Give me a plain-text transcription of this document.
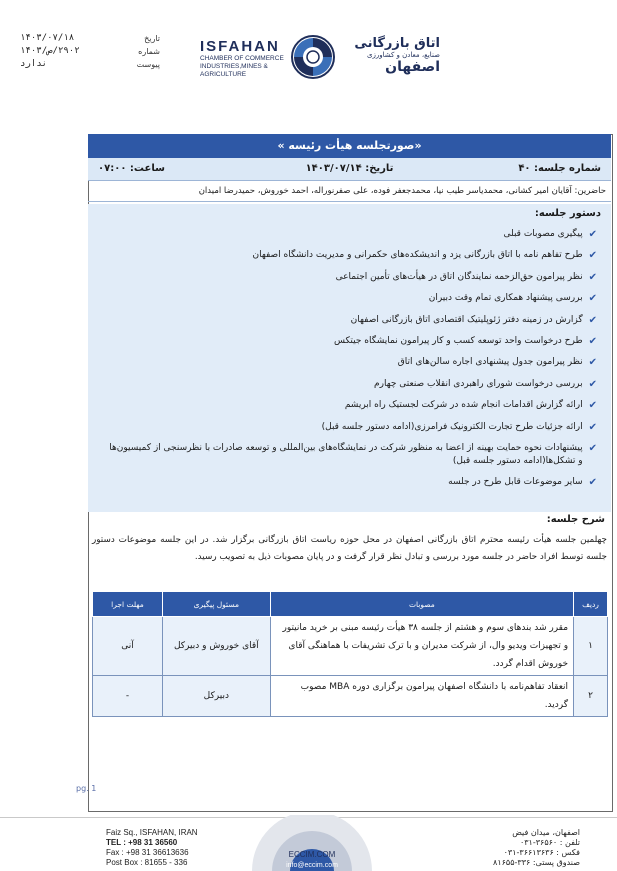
تاریخ
۱۴۰۳/۰۷/۱۸
شماره
۲۹۰۲/ص/۱۴۰۳
پیوست
ندارد
ISFAHAN
CHAMBER OF COMMERCE
INDUSTRIES,MINES & AGRICULTURE
اتاق بازرگانی
صنایع، معادن و کشاورزی
اصفهان
«صورتجلسه هیأت رئیسه »
شماره جلسه: ۴۰
تاریخ: ۱۴۰۳/۰۷/۱۴
ساعت: ۰۷:۰۰
حاضرین: آقایان امیر کشانی، محمدیاسر طیب نیا، محمدجعفر فوده، علی صفرنوراله، احمد خوروش، حمیدرضا امیدان
دستور جلسه:
✔
پیگیری مصوبات قبلی
✔
طرح تفاهم نامه با اتاق بازرگانی یزد و اندیشکده‌های حکمرانی و مدیریت دانشگاه اصفهان
✔
نظر پیرامون حق‌الزحمه نمایندگان اتاق در هیأت‌های تأمین اجتماعی
✔
بررسی پیشنهاد همکاری تمام وقت دبیران
✔
گزارش در زمینه دفتر ژئوپلیتیک اقتصادی اتاق بازرگانی اصفهان
✔
طرح درخواست واحد توسعه کسب و کار پیرامون نمایشگاه جیتکس
✔
نظر پیرامون جدول پیشنهادی اجاره سالن‌های اتاق
✔
بررسی درخواست شورای راهبردی انقلاب صنعتی چهارم
✔
ارائه گزارش اقدامات انجام شده در شرکت لجستیک راه ابریشم
✔
ارائه جزئیات طرح تجارت الکترونیک فرامرزی(ادامه دستور جلسه قبل)
✔
پیشنهادات نحوه حمایت بهینه از اعضا به منظور شرکت در نمایشگاه‌های بین‌المللی و توسعه صادرات با نظرسنجی از کمیسیون‌ها و تشکل‌ها(ادامه دستور جلسه قبل)
✔
سایر موضوعات قابل طرح در جلسه
شرح جلسه:
چهلمین جلسه هیأت رئیسه محترم اتاق بازرگانی اصفهان در محل حوزه ریاست اتاق بازرگانی برگزار شد. در این جلسه موضوعات دستور جلسه توسط افراد حاضر در جلسه مورد بررسی و تبادل نظر قرار گرفت و در پایان مصوبات ذیل به تصویب رسید.
ردیف	مصوبات	مسئول پیگیری	مهلت اجرا
۱	مقرر شد بندهای سوم و هشتم از جلسه ۳۸ هیأت رئیسه مبنی بر خرید مانیتور و تجهیزات ویدیو وال، از شرکت مدیران و با ترک تشریفات با هماهنگی آقای خوروش اقدام گردد.	آقای خوروش و دبیرکل	آنی
۲	انعقاد تفاهم‌نامه با دانشگاه اصفهان پیرامون برگزاری دوره MBA مصوب گردید.	دبیرکل	-
pg. 1
Faiz Sq., ISFAHAN, IRAN
TEL : +98 31 36560
Fax : +98 31 36613636
Post Box : 81655 - 336
ECCIM.COM
info@eccim.com
اصفهان، میدان فیض
تلفن : ۳۶۵۶۰-۰۳۱
فکس : ۳۶۶۱۳۶۳۶-۰۳۱
صندوق پستی: ۳۳۶-۸۱۶۵۵
